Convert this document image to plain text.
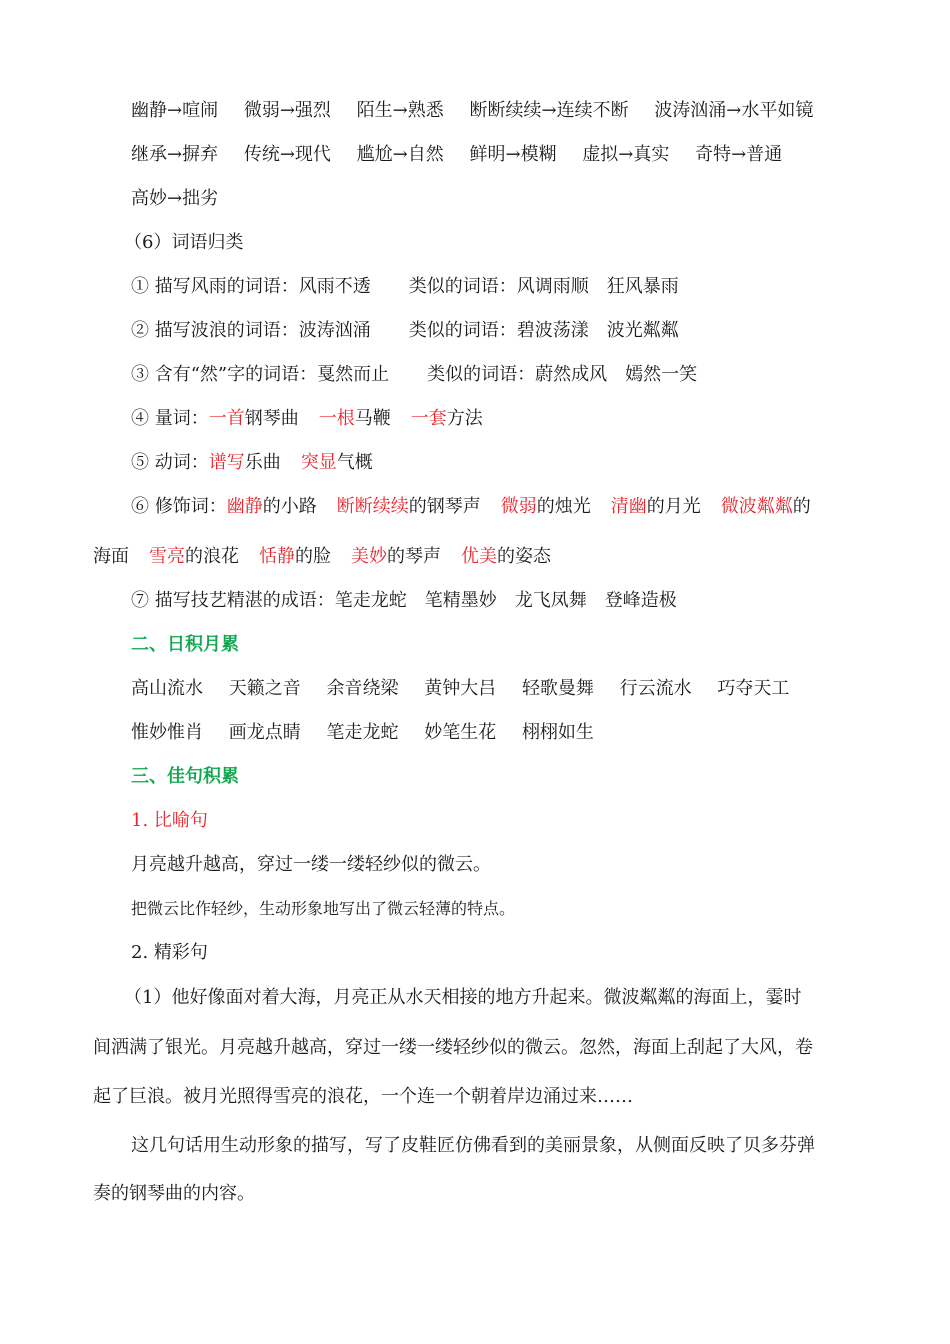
幽静→喧闹 微弱→强烈 陌生→熟悉 断断续续→连续不断 波涛汹涌→水平如镜
继承→摒弃 传统→现代 尴尬→自然 鲜明→模糊 虚拟→真实 奇特→普通
高妙→拙劣
（6）词语归类
① 描写风雨的词语：风雨不透 类似的词语：风调雨顺　狂风暴雨
② 描写波浪的词语：波涛汹涌 类似的词语：碧波荡漾　波光粼粼
③ 含有“然”字的词语：戛然而止 类似的词语：蔚然成风　嫣然一笑
④ 量词：一首钢琴曲 一根马鞭 一套方法
⑤ 动词：谱写乐曲 突显气概
⑥ 修饰词：幽静的小路 断断续续的钢琴声 微弱的烛光 清幽的月光 微波粼粼的
海面 雪亮的浪花 恬静的脸 美妙的琴声 优美的姿态
⑦ 描写技艺精湛的成语：笔走龙蛇　笔精墨妙　龙飞凤舞　登峰造极
二、日积月累
高山流水 天籁之音 余音绕梁 黄钟大吕 轻歌曼舞 行云流水 巧夺天工
惟妙惟肖 画龙点睛 笔走龙蛇 妙笔生花 栩栩如生
三、佳句积累
1. 比喻句
月亮越升越高，穿过一缕一缕轻纱似的微云。
把微云比作轻纱，生动形象地写出了微云轻薄的特点。
2. 精彩句
（1）他好像面对着大海，月亮正从水天相接的地方升起来。微波粼粼的海面上，霎时
间洒满了银光。月亮越升越高，穿过一缕一缕轻纱似的微云。忽然，海面上刮起了大风，卷
起了巨浪。被月光照得雪亮的浪花，一个连一个朝着岸边涌过来……
这几句话用生动形象的描写，写了皮鞋匠仿佛看到的美丽景象，从侧面反映了贝多芬弹
奏的钢琴曲的内容。
